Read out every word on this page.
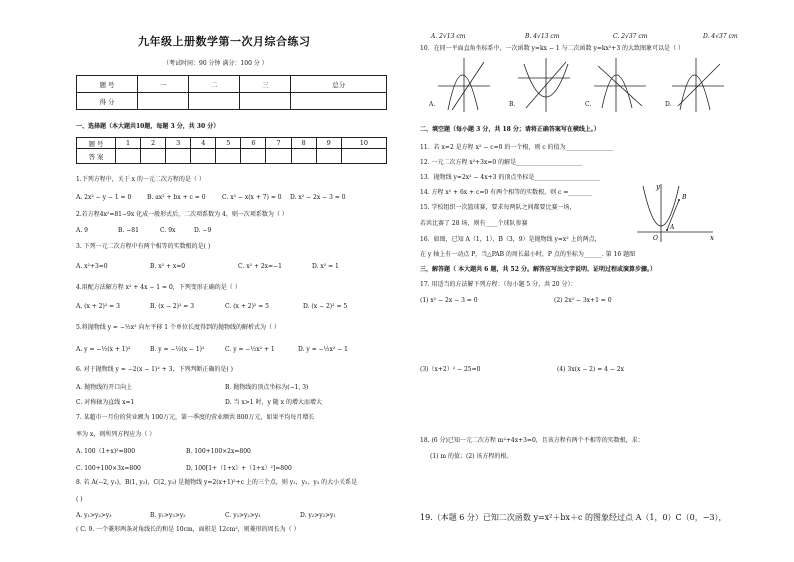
九年级上册数学第一次月综合练习
（考试时间：90 分钟 满分：100 分 ）
题 号	一	二	三	总分
得 分				
一、选择题（本大题共10题，每题 3 分，共 30 分）
题 号	1	2	3	4	5	6	7	8	9	10
答 案										
1.下列方程中，关于 x 的一元二次方程的是（ ）
A. 2x² − y − 1 = 0	B. ax² + bx + c = 0	C. x² − x(x + 7) = 0 D. x² − 2x − 3 = 0
2.若方程4x²=81−9x 化成一般形式后，二次项系数为 4，则一次项系数为（ ）
A. 9	B. −81	C. 9x	D. −9
3. 下列一元二次方程中有两个相等的实数根的是( )
A. x²+3=0	B. x² + x=0	C. x² + 2x=−1	D. x² = 1
4.用配方法解方程 x² + 4x − 1 = 0，下列变形正确的是（ ）
A. (x + 2)² = 3	B. (x − 2)² = 3	C. (x + 2)² = 5	D. (x − 2)² = 5
5.将抛物线 y = −½x² 向左平移 1 个单位长度得到的抛物线的解析式为（ ）
A. y = −½(x + 1)²	B. y = −½(x − 1)²	C. y = −½x² + 1	D. y = −½x² − 1
6. 对于抛物线 y = −2(x − 1)² + 3，下列判断正确的是( )
A. 抛物线的开口向上	B. 抛物线的顶点坐标为(−1, 3)
C. 对称轴为直线 x=1	D. 当 x>1 时，y 随 x 的增大而增大
7. 某超市一月份的营业额为 100万元，第一季度的营业额共 800万元，如果平均每月增长
率为 x，则所列方程应为（ ）
A. 100（1+x)²=800	B. 100+100×2x=800
C. 100+100×3x=800	D. 100[1+（1+x）+（1+x）²]=800
8. 若 A(−2, y₁)，B(1, y₂)，C(2, y₃) 是抛物线 y=2(x+1)²+c 上的三个点，则 y₁，y₂，y₃ 的大小关系是
( )
A. y₁>y₂>y₃	B. y₁>y₃>y₂	C. y₃>y₂>y₁	D. y₂>y₃>y₁
( C. 9. 一个菱形两条对角线长的和是 10cm，面积是 12cm²，则菱形的周长为（ ）
A. 2√13 cm	B. 4√13 cm	C. 2√37 cm	D. 4√37 cm
10．在同一平面直角坐标系中，一次函数 y=kx − 1 与二次函数 y=kx²+3 的大致图象可以是（ ）
A.	B.	C.	D.
二、填空题（每小题 3 分，共 18 分；请将正确答案写在横线上。）
11．若 x=2 是方程 x² − c=0 的一个根，则 c 的值为________________
12. 一元二次方程 x²+3x=0 的解是______________________
13．抛物线 y=2x² − 4x+3 的顶点坐标是______________________
14. 方程 x² + 6x + c=0 有两个相等的实数根，则 c =________
15. 学校组织一次篮球赛，要求每两队之间都要比赛一场，
若共比赛了 28 场，则有____个球队参赛
16．如图，已知 A（1，1），B（3，9）是抛物线 y=x² 上的两点，
在 y 轴上有一动点 P，当△PAB 的周长最小时，P 点的坐标为______. 第 16 题图
y
x
O
B
A
三，解答题（ 本大题共 6 题，共 52 分。解答应写出文字说明、证明过程或演算步骤。）
17. 用适当的方法解下列方程：（每小题 5 分，共 20 分）：
(1) x² − 2x − 3 = 0	(2) 2x² − 3x+1 = 0
(3)（x+2）² − 25=0	(4) 3x(x − 2) = 4 − 2x
18. (6 分)已知一元二次方程 m²+4x+3=0，且该方程有两个不相等的实数根，求：
(1) m 的值；(2) 该方程的根。
19.（本题 6 分）已知二次函数 y=x²＋bx＋c 的图象经过点 A（1，0）C（0，−3），
